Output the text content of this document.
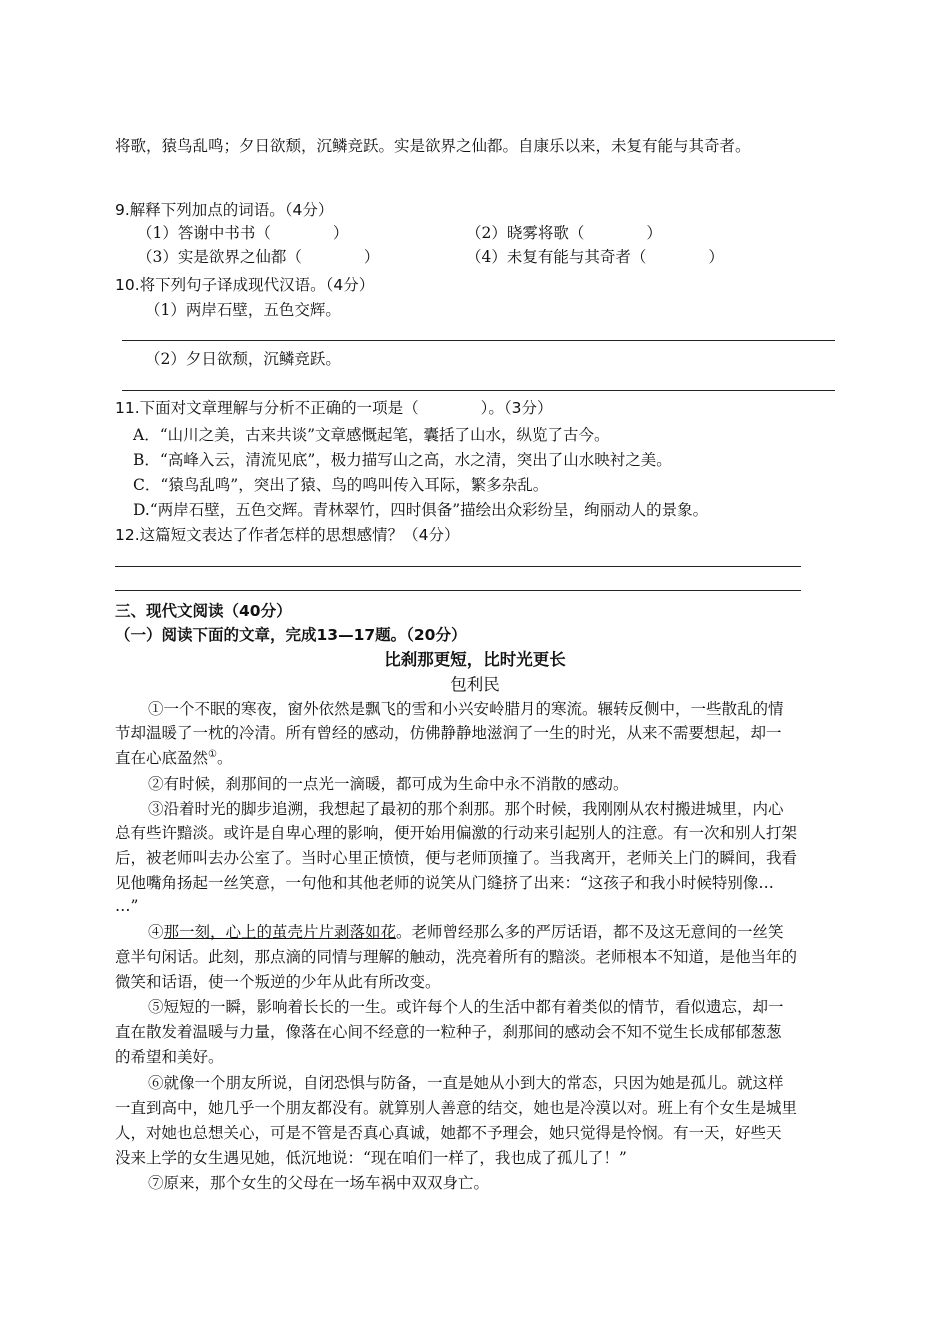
将歌，猿鸟乱鸣；夕日欲颓，沉鳞竞跃。实是欲界之仙都。自康乐以来，未复有能与其奇者。
9.解释下列加点的词语。（4分）
（1）答谢中书书（　　　　）	（2）晓雾将歌（　　　　）
（3）实是欲界之仙都（　　　　）	（4）未复有能与其奇者（　　　　）
10.将下列句子译成现代汉语。（4分）
（1）两岸石壁，五色交辉。
（2）夕日欲颓，沉鳞竞跃。
11.下面对文章理解与分析不正确的一项是（　　　　）。（3分）
A．“山川之美，古来共谈”文章感慨起笔，囊括了山水，纵览了古今。
B．“高峰入云，清流见底”，极力描写山之高，水之清，突出了山水映衬之美。
C．“猿鸟乱鸣”，突出了猿、鸟的鸣叫传入耳际，繁多杂乱。
D.“两岸石壁，五色交辉。青林翠竹，四时俱备”描绘出众彩纷呈，绚丽动人的景象。
12.这篇短文表达了作者怎样的思想感情？（4分）
三、现代文阅读（40分）
（一）阅读下面的文章，完成13—17题。（20分）
比刹那更短，比时光更长
包利民
①一个不眠的寒夜，窗外依然是飘飞的雪和小兴安岭腊月的寒流。辗转反侧中，一些散乱的情
节却温暖了一枕的冷清。所有曾经的感动，仿佛静静地滋润了一生的时光，从来不需要想起，却一
直在心底盈然①。
②有时候，刹那间的一点光一滴暖，都可成为生命中永不消散的感动。
③沿着时光的脚步追溯，我想起了最初的那个刹那。那个时候，我刚刚从农村搬进城里，内心
总有些许黯淡。或许是自卑心理的影响，便开始用偏激的行动来引起别人的注意。有一次和别人打架
后，被老师叫去办公室了。当时心里正愤愤，便与老师顶撞了。当我离开，老师关上门的瞬间，我看
见他嘴角扬起一丝笑意，一句他和其他老师的说笑从门缝挤了出来：“这孩子和我小时候特别像…
…”
④那一刻，心上的茧壳片片剥落如花。老师曾经那么多的严厉话语，都不及这无意间的一丝笑
意半句闲话。此刻，那点滴的同情与理解的触动，洗亮着所有的黯淡。老师根本不知道，是他当年的
微笑和话语，使一个叛逆的少年从此有所改变。
⑤短短的一瞬，影响着长长的一生。或许每个人的生活中都有着类似的情节，看似遗忘，却一
直在散发着温暖与力量，像落在心间不经意的一粒种子，刹那间的感动会不知不觉生长成郁郁葱葱
的希望和美好。
⑥就像一个朋友所说，自闭恐惧与防备，一直是她从小到大的常态，只因为她是孤儿。就这样
一直到高中，她几乎一个朋友都没有。就算别人善意的结交，她也是冷漠以对。班上有个女生是城里
人，对她也总想关心，可是不管是否真心真诚，她都不予理会，她只觉得是怜悯。有一天，好些天
没来上学的女生遇见她，低沉地说：“现在咱们一样了，我也成了孤儿了！”
⑦原来，那个女生的父母在一场车祸中双双身亡。
